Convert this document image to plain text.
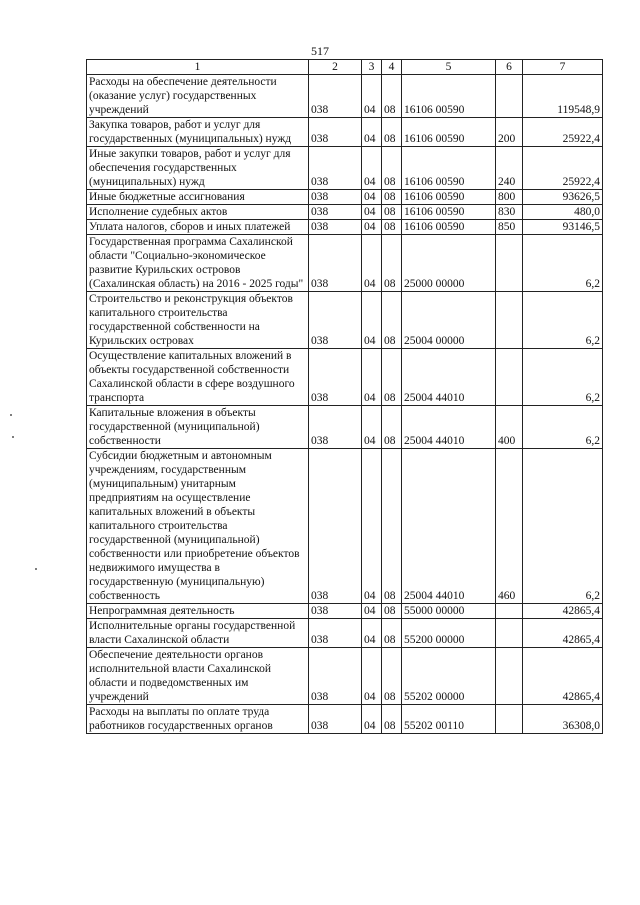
517
1	2	3	4	5	6	7
Расходы на обеспечение деятельности (оказание услуг) государственных учреждений	038	04	08	16106 00590		119548,9
Закупка товаров, работ и услуг для государственных (муниципальных) нужд	038	04	08	16106 00590	200	25922,4
Иные закупки товаров, работ и услуг для обеспечения государственных (муниципальных) нужд	038	04	08	16106 00590	240	25922,4
Иные бюджетные ассигнования	038	04	08	16106 00590	800	93626,5
Исполнение судебных актов	038	04	08	16106 00590	830	480,0
Уплата налогов, сборов и иных платежей	038	04	08	16106 00590	850	93146,5
Государственная программа Сахалинской области "Социально-экономическое развитие Курильских островов (Сахалинская область) на 2016 - 2025 годы"	038	04	08	25000 00000		6,2
Строительство и реконструкция объектов капитального строительства государственной собственности на Курильских островах	038	04	08	25004 00000		6,2
Осуществление капитальных вложений в объекты государственной собственности Сахалинской области в сфере воздушного транспорта	038	04	08	25004 44010		6,2
Капитальные вложения в объекты государственной (муниципальной) собственности	038	04	08	25004 44010	400	6,2
Субсидии бюджетным и автономным учреждениям, государственным (муниципальным) унитарным предприятиям на осуществление капитальных вложений в объекты капитального строительства государственной (муниципальной) собственности или приобретение объектов недвижимого имущества в государственную (муниципальную) собственность	038	04	08	25004 44010	460	6,2
Непрограммная деятельность	038	04	08	55000 00000		42865,4
Исполнительные органы государственной власти Сахалинской области	038	04	08	55200 00000		42865,4
Обеспечение деятельности органов исполнительной власти Сахалинской области и подведомственных им учреждений	038	04	08	55202 00000		42865,4
Расходы на выплаты по оплате труда работников государственных органов	038	04	08	55202 00110		36308,0
